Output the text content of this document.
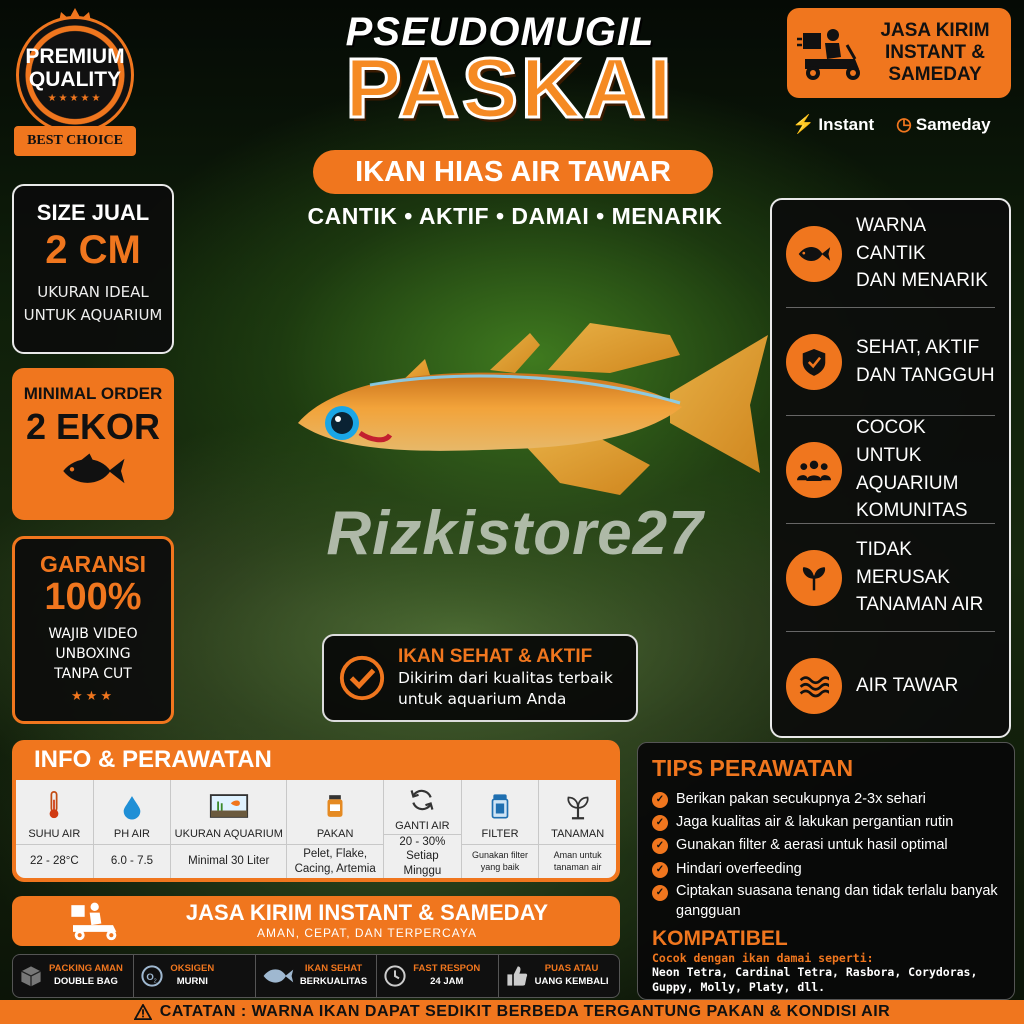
PREMIUM
QUALITY
★★★★★
BEST CHOICE
PSEUDOMUGIL
PASKAI
IKAN HIAS AIR TAWAR
CANTIK • AKTIF • DAMAI • MENARIK
JASA KIRIM INSTANT & SAMEDAY
⚡ Instant ◷ Sameday
SIZE JUAL
2 CM
UKURAN IDEAL
UNTUK AQUARIUM
MINIMAL ORDER
2 EKOR
GARANSI
100%
WAJIB VIDEO
UNBOXING
TANPA CUT
★★★
Rizkistore27
WARNA CANTIK
DAN MENARIK
SEHAT, AKTIF
DAN TANGGUH
COCOK UNTUK
AQUARIUM
KOMUNITAS
TIDAK MERUSAK
TANAMAN AIR
AIR TAWAR
IKAN SEHAT & AKTIF
Dikirim dari kualitas terbaik
untuk aquarium Anda
INFO & PERAWATAN
SUHU AIR
22 - 28°C
PH AIR
6.0 - 7.5
UKURAN AQUARIUM
Minimal 30 Liter
PAKAN
Pelet, Flake,
Cacing, Artemia
GANTI AIR
20 - 30%
Setiap Minggu
FILTER
Gunakan filter
yang baik
TANAMAN
Aman untuk
tanaman air
JASA KIRIM INSTANT & SAMEDAY
AMAN, CEPAT, DAN TERPERCAYA
PACKING AMAN
DOUBLE BAG	O 2
OKSIGEN
MURNI
IKAN SEHAT
BERKUALITAS
FAST RESPON
24 JAM
PUAS ATAU
UANG KEMBALI
TIPS PERAWATAN
✓ Berikan pakan secukupnya 2-3x sehari
✓ Jaga kualitas air & lakukan pergantian rutin
✓ Gunakan filter & aerasi untuk hasil optimal
✓ Hindari overfeeding
✓ Ciptakan suasana tenang dan tidak terlalu banyak gangguan
KOMPATIBEL
Cocok dengan ikan damai seperti:
Neon Tetra, Cardinal Tetra, Rasbora, Corydoras, Guppy, Molly, Platy, dll.
CATATAN : WARNA IKAN DAPAT SEDIKIT BERBEDA TERGANTUNG PAKAN & KONDISI AIR
